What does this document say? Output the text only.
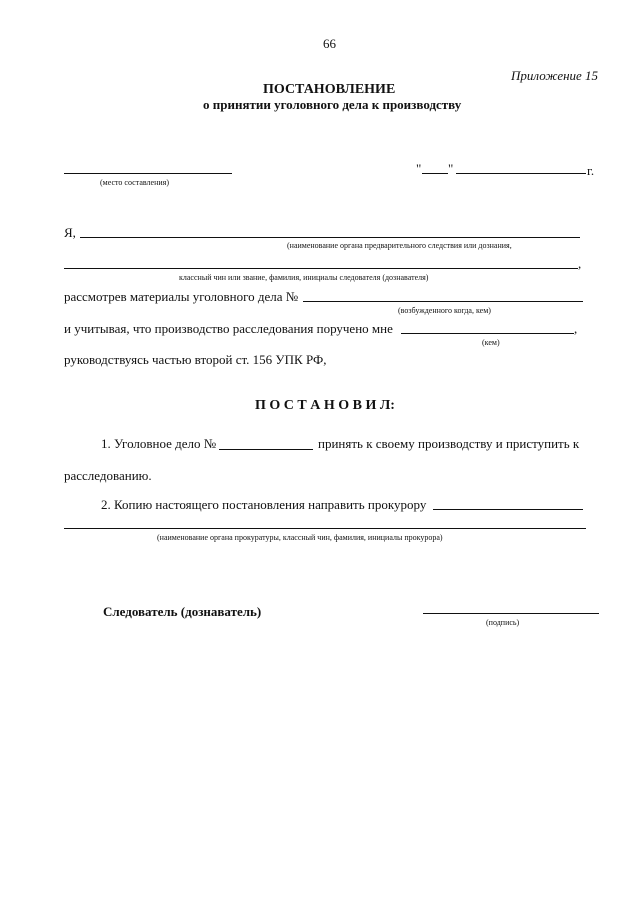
66
Приложение 15
ПОСТАНОВЛЕНИЕ
о принятии уголовного дела к производству
(место составления)
" "	г.
Я,
(наименование органа предварительного следствия или дознания,
,
классный чин или звание, фамилия, инициалы следователя (дознавателя)
рассмотрев материалы уголовного дела №
(возбужденного когда, кем)
и учитывая, что производство расследования поручено мне	,
(кем)
руководствуясь частью второй ст. 156 УПК РФ,
П О С Т А Н О В И Л:
1. Уголовное дело №	принять к своему производству и приступить к
расследованию.
2. Копию настоящего постановления направить прокурору
(наименование органа прокуратуры, классный чин, фамилия, инициалы прокурора)
Следователь (дознаватель)
(подпись)
